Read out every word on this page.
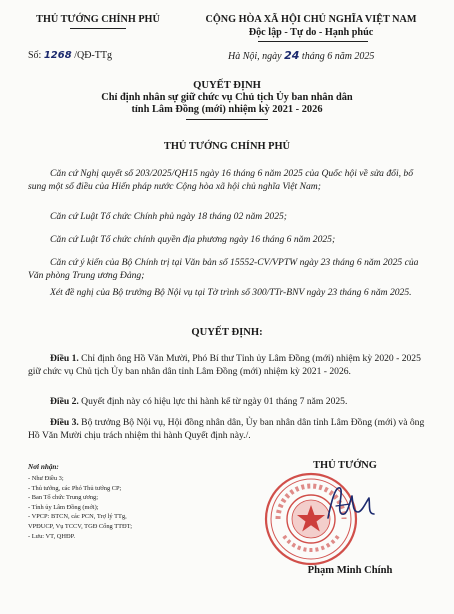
THỦ TƯỚNG CHÍNH PHỦ	CỘNG HÒA XÃ HỘI CHỦ NGHĨA VIỆT NAM
Độc lập - Tự do - Hạnh phúc
Số: 1268 /QĐ-TTg	Hà Nội, ngày 24 tháng 6 năm 2025
QUYẾT ĐỊNH
Chỉ định nhân sự giữ chức vụ Chủ tịch Ủy ban nhân dân
tỉnh Lâm Đồng (mới) nhiệm kỳ 2021 - 2026
THỦ TƯỚNG CHÍNH PHỦ
Căn cứ Nghị quyết số 203/2025/QH15 ngày 16 tháng 6 năm 2025 của Quốc hội về sửa đổi, bổ sung một số điều của Hiến pháp nước Cộng hòa xã hội chủ nghĩa Việt Nam;
Căn cứ Luật Tổ chức Chính phủ ngày 18 tháng 02 năm 2025;
Căn cứ Luật Tổ chức chính quyền địa phương ngày 16 tháng 6 năm 2025;
Căn cứ ý kiến của Bộ Chính trị tại Văn bản số 15552-CV/VPTW ngày 23 tháng 6 năm 2025 của Văn phòng Trung ương Đảng;
Xét đề nghị của Bộ trưởng Bộ Nội vụ tại Tờ trình số 300/TTr-BNV ngày 23 tháng 6 năm 2025.
QUYẾT ĐỊNH:
Điều 1. Chỉ định ông Hồ Văn Mười, Phó Bí thư Tỉnh ủy Lâm Đồng (mới) nhiệm kỳ 2020 - 2025 giữ chức vụ Chủ tịch Ủy ban nhân dân tỉnh Lâm Đồng (mới) nhiệm kỳ 2021 - 2026.
Điều 2. Quyết định này có hiệu lực thi hành kể từ ngày 01 tháng 7 năm 2025.
Điều 3. Bộ trưởng Bộ Nội vụ, Hội đồng nhân dân, Ủy ban nhân dân tỉnh Lâm Đồng (mới) và ông Hồ Văn Mười chịu trách nhiệm thi hành Quyết định này./.
Nơi nhận:
- Như Điều 3;
- Thủ tướng, các Phó Thủ tướng CP;
- Ban Tổ chức Trung ương;
- Tỉnh ủy Lâm Đồng (mới);
- VPCP: BTCN, các PCN, Trợ lý TTg,
VPĐUCP, Vụ TCCV, TGĐ Cổng TTĐT;
- Lưu: VT, QHĐP.
THỦ TƯỚNG
Phạm Minh Chính
